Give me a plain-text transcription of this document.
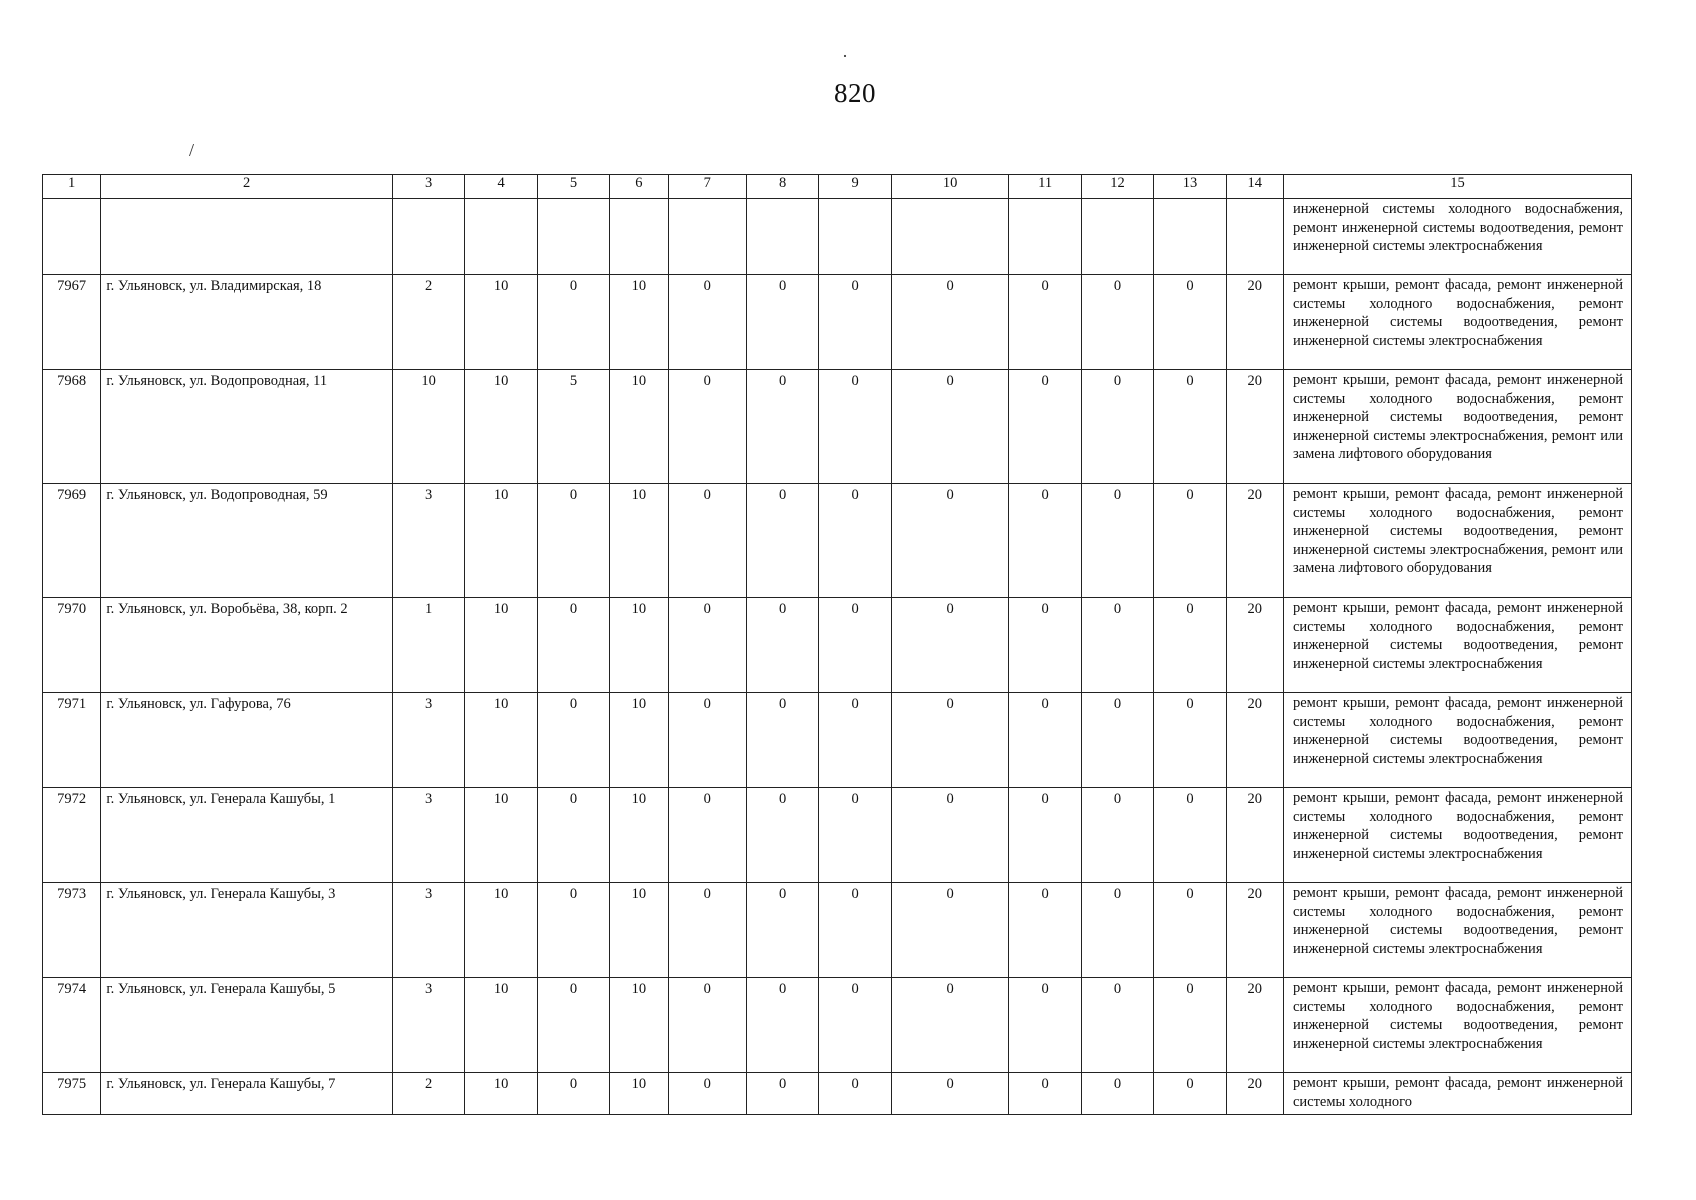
·
820
/
1	2	3	4	5	6	7	8	9	10	11	12	13	14	15
														инженерной системы холодного водоснабжения, ремонт инженерной системы водоотведения, ремонт инженерной системы электроснабжения
7967	г. Ульяновск, ул. Владимирская, 18	2	10	0	10	0	0	0	0	0	0	0	20	ремонт крыши, ремонт фасада, ремонт инженерной системы холодного водоснабжения, ремонт инженерной системы водоотведения, ремонт инженерной системы электроснабжения
7968	г. Ульяновск, ул. Водопроводная, 11	10	10	5	10	0	0	0	0	0	0	0	20	ремонт крыши, ремонт фасада, ремонт инженерной системы холодного водоснабжения, ремонт инженерной системы водоотведения, ремонт инженерной системы электроснабжения, ремонт или замена лифтового оборудования
7969	г. Ульяновск, ул. Водопроводная, 59	3	10	0	10	0	0	0	0	0	0	0	20	ремонт крыши, ремонт фасада, ремонт инженерной системы холодного водоснабжения, ремонт инженерной системы водоотведения, ремонт инженерной системы электроснабжения, ремонт или замена лифтового оборудования
7970	г. Ульяновск, ул. Воробьёва, 38, корп. 2	1	10	0	10	0	0	0	0	0	0	0	20	ремонт крыши, ремонт фасада, ремонт инженерной системы холодного водоснабжения, ремонт инженерной системы водоотведения, ремонт инженерной системы электроснабжения
7971	г. Ульяновск, ул. Гафурова, 76	3	10	0	10	0	0	0	0	0	0	0	20	ремонт крыши, ремонт фасада, ремонт инженерной системы холодного водоснабжения, ремонт инженерной системы водоотведения, ремонт инженерной системы электроснабжения
7972	г. Ульяновск, ул. Генерала Кашубы, 1	3	10	0	10	0	0	0	0	0	0	0	20	ремонт крыши, ремонт фасада, ремонт инженерной системы холодного водоснабжения, ремонт инженерной системы водоотведения, ремонт инженерной системы электроснабжения
7973	г. Ульяновск, ул. Генерала Кашубы, 3	3	10	0	10	0	0	0	0	0	0	0	20	ремонт крыши, ремонт фасада, ремонт инженерной системы холодного водоснабжения, ремонт инженерной системы водоотведения, ремонт инженерной системы электроснабжения
7974	г. Ульяновск, ул. Генерала Кашубы, 5	3	10	0	10	0	0	0	0	0	0	0	20	ремонт крыши, ремонт фасада, ремонт инженерной системы холодного водоснабжения, ремонт инженерной системы водоотведения, ремонт инженерной системы электроснабжения
7975	г. Ульяновск, ул. Генерала Кашубы, 7	2	10	0	10	0	0	0	0	0	0	0	20	ремонт крыши, ремонт фасада, ремонт инженерной системы холодного
